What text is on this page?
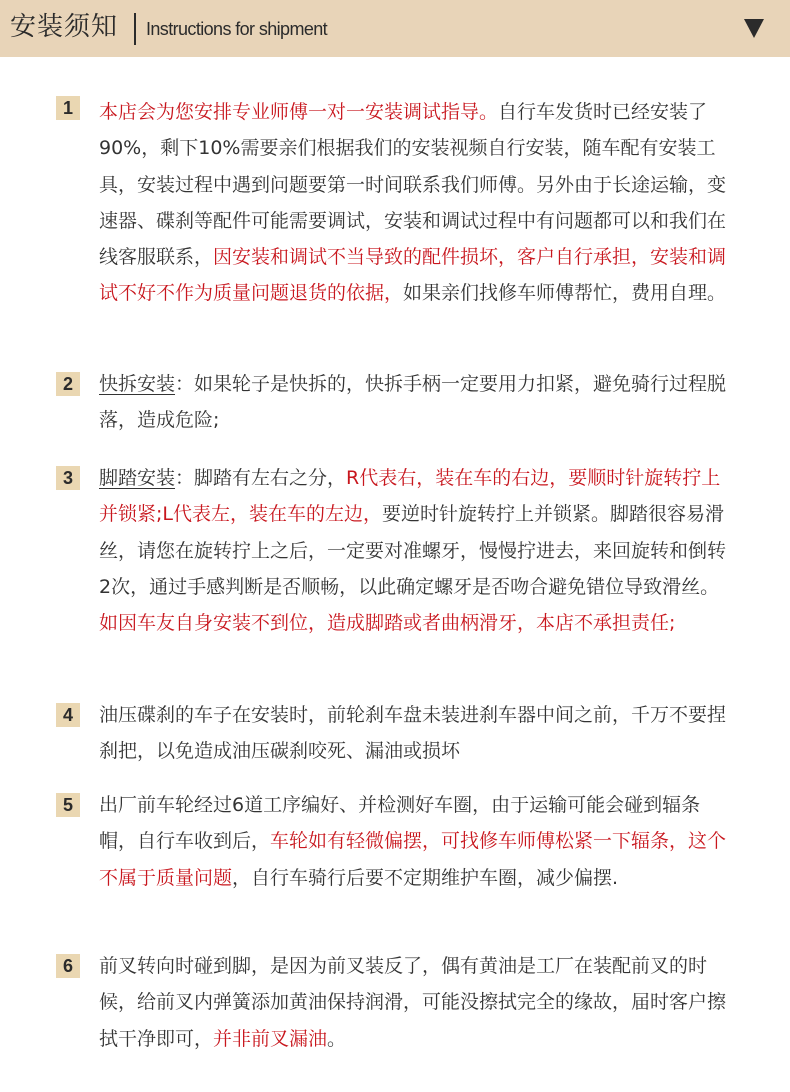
安装须知 Instructions for shipment
1	本店会为您安排专业师傅一对一安装调试指导。自行车发货时已经安装了90%，剩下10%需要亲们根据我们的安装视频自行安装，随车配有安装工具，安装过程中遇到问题要第一时间联系我们师傅。另外由于长途运输，变速器、碟刹等配件可能需要调试，安装和调试过程中有问题都可以和我们在线客服联系，因安装和调试不当导致的配件损坏，客户自行承担，安装和调试不好不作为质量问题退货的依据，如果亲们找修车师傅帮忙，费用自理。

2	快拆安装：如果轮子是快拆的，快拆手柄一定要用力扣紧，避免骑行过程脱落，造成危险;

3	脚踏安装：脚踏有左右之分，R代表右，装在车的右边，要顺时针旋转拧上并锁紧;L代表左，装在车的左边，要逆时针旋转拧上并锁紧。脚踏很容易滑丝，请您在旋转拧上之后，一定要对准螺牙，慢慢拧进去，来回旋转和倒转2次，通过手感判断是否顺畅，以此确定螺牙是否吻合避免错位导致滑丝。如因车友自身安装不到位，造成脚踏或者曲柄滑牙，本店不承担责任;

4	油压碟刹的车子在安装时，前轮刹车盘未装进刹车器中间之前，千万不要捏刹把，以免造成油压碳刹咬死、漏油或损坏

5	出厂前车轮经过6道工序编好、并检测好车圈，由于运输可能会碰到辐条帽，自行车收到后，车轮如有轻微偏摆，可找修车师傅松紧一下辐条，这个不属于质量问题，自行车骑行后要不定期维护车圈，减少偏摆.

6	前叉转向时碰到脚，是因为前叉装反了，偶有黄油是工厂在装配前叉的时候，给前叉内弹簧添加黄油保持润滑，可能没擦拭完全的缘故，届时客户擦拭干净即可，并非前叉漏油。
